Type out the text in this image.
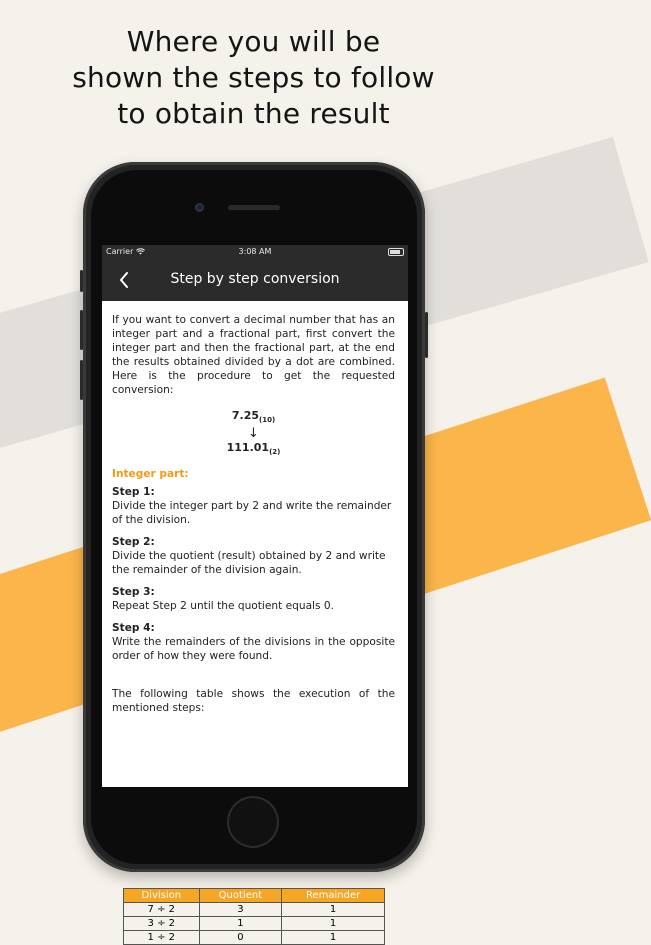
Where you will be
shown the steps to follow
to obtain the result
Carrier	3:08 AM
Step by step conversion

If you want to convert a decimal number that has an integer part and a fractional part, first convert the integer part and then the fractional part, at the end the results obtained divided by a dot are combined. Here is the procedure to get the requested conversion:

$7.25_{(10)}$
↓
$111.01_{(2)}$
Integer part:
Step 1:

Divide the integer part by 2 and write the remainder of the division.

Step 2:

Divide the quotient (result) obtained by 2 and write the remainder of the division again.

Step 3:

Repeat Step 2 until the quotient equals 0.

Step 4:

Write the remainders of the divisions in the opposite order of how they were found.

The following table shows the execution of the mentioned steps:

Division	Quotient	Remainder
7 ÷ 2	3	1
3 ÷ 2	1	1
1 ÷ 2	0	1
